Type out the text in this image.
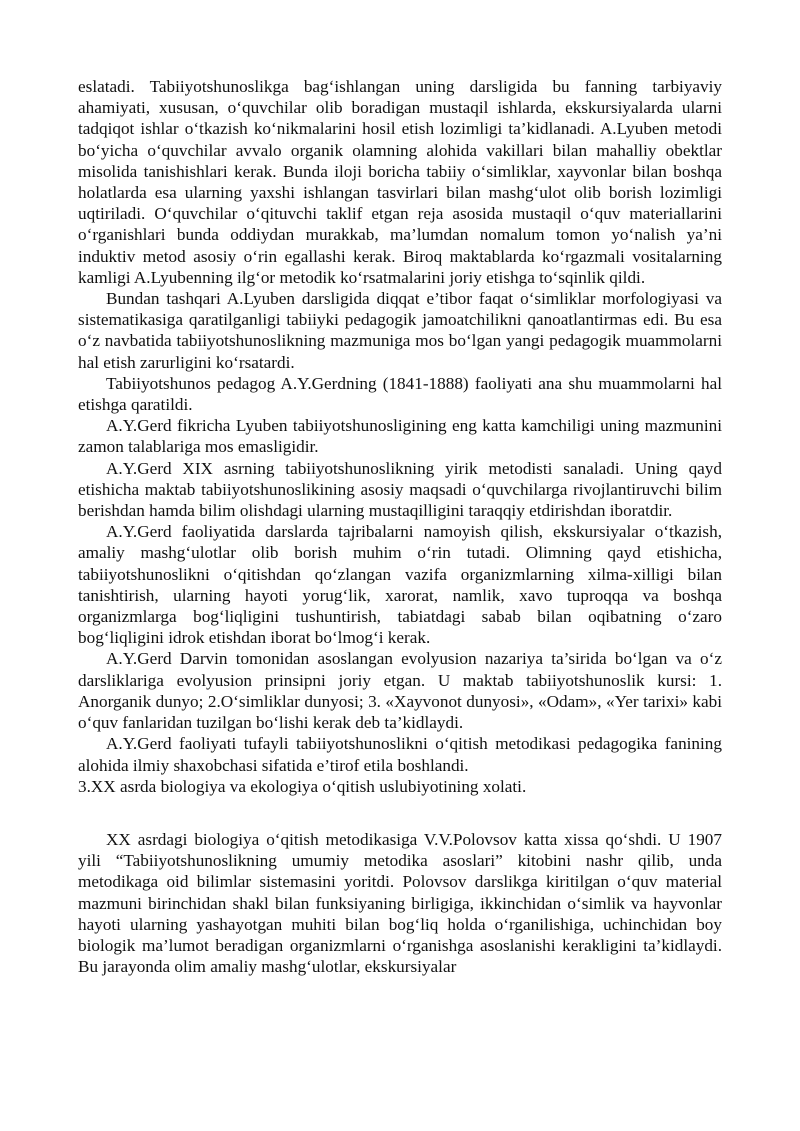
eslatadi. Tabiiyotshunoslikga bag‘ishlangan uning darsligida bu fanning tarbiyaviy ahamiyati, xususan, o‘quvchilar olib boradigan mustaqil ishlarda, ekskursiyalarda ularni tadqiqot ishlar o‘tkazish ko‘nikmalarini hosil etish lozimligi ta’kidlanadi. A.Lyuben metodi bo‘yicha o‘quvchilar avvalo organik olamning alohida vakillari bilan mahalliy obektlar misolida tanishishlari kerak. Bunda iloji boricha tabiiy o‘simliklar, xayvonlar bilan boshqa holatlarda esa ularning yaxshi ishlangan tasvirlari bilan mashg‘ulot olib borish lozimligi uqtiriladi. O‘quvchilar o‘qituvchi taklif etgan reja asosida mustaqil o‘quv materiallarini o‘rganishlari bunda oddiydan murakkab, ma’lumdan nomalum tomon yo‘nalish ya’ni induktiv metod asosiy o‘rin egallashi kerak. Biroq maktablarda ko‘rgazmali vositalarning kamligi A.Lyubenning ilg‘or metodik ko‘rsatmalarini joriy etishga to‘sqinlik qildi.

Bundan tashqari A.Lyuben darsligida diqqat e’tibor faqat o‘simliklar morfologiyasi va sistematikasiga qaratilganligi tabiiyki pedagogik jamoatchilikni qanoatlantirmas edi. Bu esa o‘z navbatida tabiiyotshunoslikning mazmuniga mos bo‘lgan yangi pedagogik muammolarni hal etish zarurligini ko‘rsatardi.

Tabiiyotshunos pedagog A.Y.Gerdning (1841-1888) faoliyati ana shu muammolarni hal etishga qaratildi.

A.Y.Gerd fikricha Lyuben tabiiyotshunosligining eng katta kamchiligi uning mazmunini zamon talablariga mos emasligidir.

A.Y.Gerd XIX asrning tabiiyotshunoslikning yirik metodisti sanaladi. Uning qayd etishicha maktab tabiiyotshunoslikining asosiy maqsadi o‘quvchilarga rivojlantiruvchi bilim berishdan hamda bilim olishdagi ularning mustaqilligini taraqqiy etdirishdan iboratdir.

A.Y.Gerd faoliyatida darslarda tajribalarni namoyish qilish, ekskursiyalar o‘tkazish, amaliy mashg‘ulotlar olib borish muhim o‘rin tutadi. Olimning qayd etishicha, tabiiyotshunoslikni o‘qitishdan qo‘zlangan vazifa organizmlarning xilma-xilligi bilan tanishtirish, ularning hayoti yorug‘lik, xarorat, namlik, xavo tuproqqa va boshqa organizmlarga bog‘liqligini tushuntirish, tabiatdagi sabab bilan oqibatning o‘zaro bog‘liqligini idrok etishdan iborat bo‘lmog‘i kerak.

A.Y.Gerd Darvin tomonidan asoslangan evolyusion nazariya ta’sirida bo‘lgan va o‘z darsliklariga evolyusion prinsipni joriy etgan. U maktab tabiiyotshunoslik kursi: 1. Anorganik dunyo; 2.O‘simliklar dunyosi; 3. «Xayvonot dunyosi», «Odam», «Yer tarixi» kabi o‘quv fanlaridan tuzilgan bo‘lishi kerak deb ta’kidlaydi.

A.Y.Gerd faoliyati tufayli tabiiyotshunoslikni o‘qitish metodikasi pedagogika fanining alohida ilmiy shaxobchasi sifatida e’tirof etila boshlandi.

3.XX asrda biologiya va ekologiya o‘qitish uslubiyotining xolati.

XX asrdagi biologiya o‘qitish metodikasiga V.V.Polovsov katta xissa qo‘shdi. U 1907 yili “Tabiiyotshunoslikning umumiy metodika asoslari” kitobini nashr qilib, unda metodikaga oid bilimlar sistemasini yoritdi. Polovsov darslikga kiritilgan o‘quv material mazmuni birinchidan shakl bilan funksiyaning birligiga, ikkinchidan o‘simlik va hayvonlar hayoti ularning yashayotgan muhiti bilan bog‘liq holda o‘rganilishiga, uchinchidan boy biologik ma’lumot beradigan organizmlarni o‘rganishga asoslanishi kerakligini ta’kidlaydi. Bu jarayonda olim amaliy mashg‘ulotlar, ekskursiyalar
